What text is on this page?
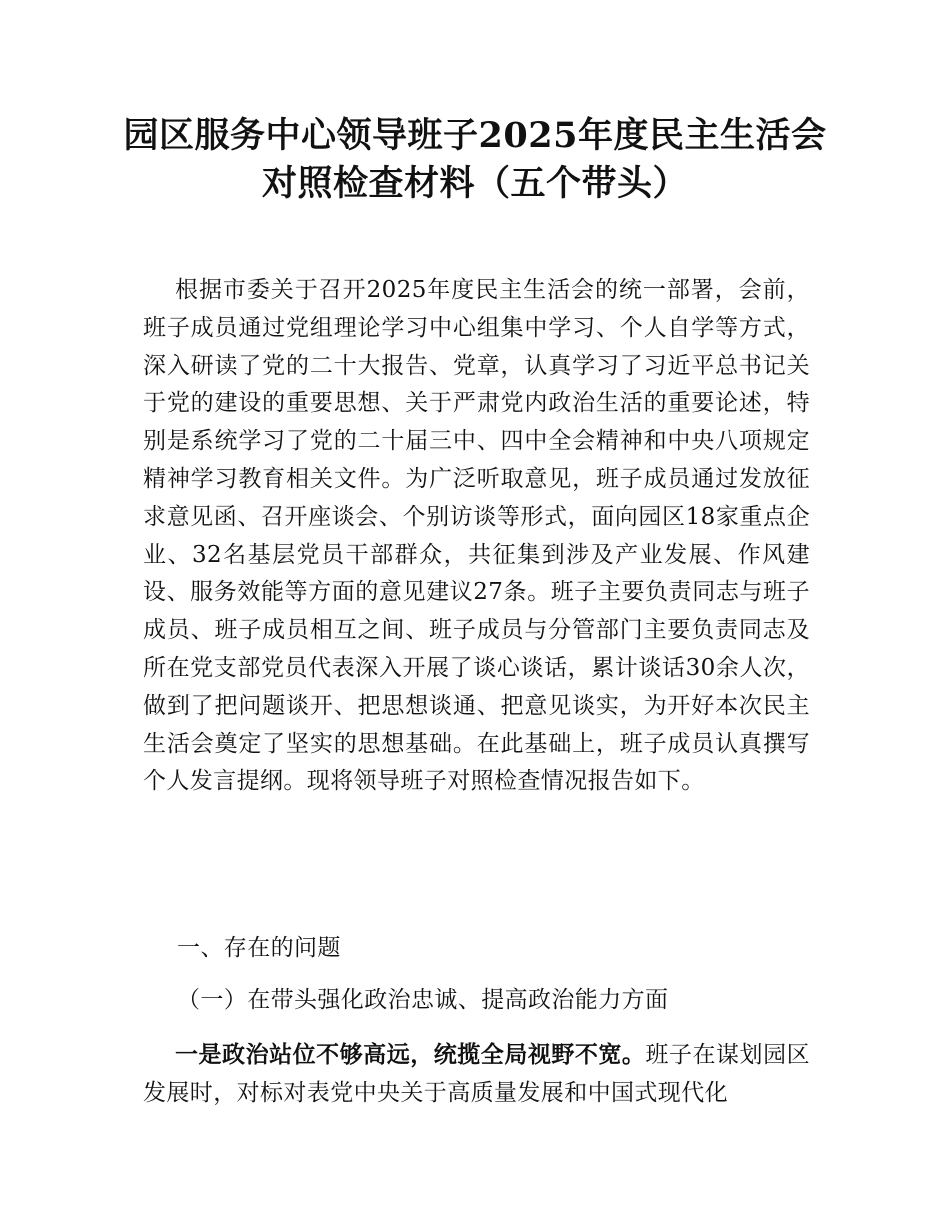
园区服务中心领导班子2025年度民主生活会
对照检查材料（五个带头）

根据市委关于召开2025年度民主生活会的统一部署，会前，班子成员通过党组理论学习中心组集中学习、个人自学等方式，深入研读了党的二十大报告、党章，认真学习了习近平总书记关于党的建设的重要思想、关于严肃党内政治生活的重要论述，特别是系统学习了党的二十届三中、四中全会精神和中央八项规定精神学习教育相关文件。为广泛听取意见，班子成员通过发放征求意见函、召开座谈会、个别访谈等形式，面向园区18家重点企业、32名基层党员干部群众，共征集到涉及产业发展、作风建设、服务效能等方面的意见建议27条。班子主要负责同志与班子成员、班子成员相互之间、班子成员与分管部门主要负责同志及所在党支部党员代表深入开展了谈心谈话，累计谈话30余人次，做到了把问题谈开、把思想谈通、把意见谈实，为开好本次民主生活会奠定了坚实的思想基础。在此基础上，班子成员认真撰写个人发言提纲。现将领导班子对照检查情况报告如下。

一、存在的问题
（一）在带头强化政治忠诚、提高政治能力方面

一是政治站位不够高远，统揽全局视野不宽。班子在谋划园区发展时，对标对表党中央关于高质量发展和中国式现代化
